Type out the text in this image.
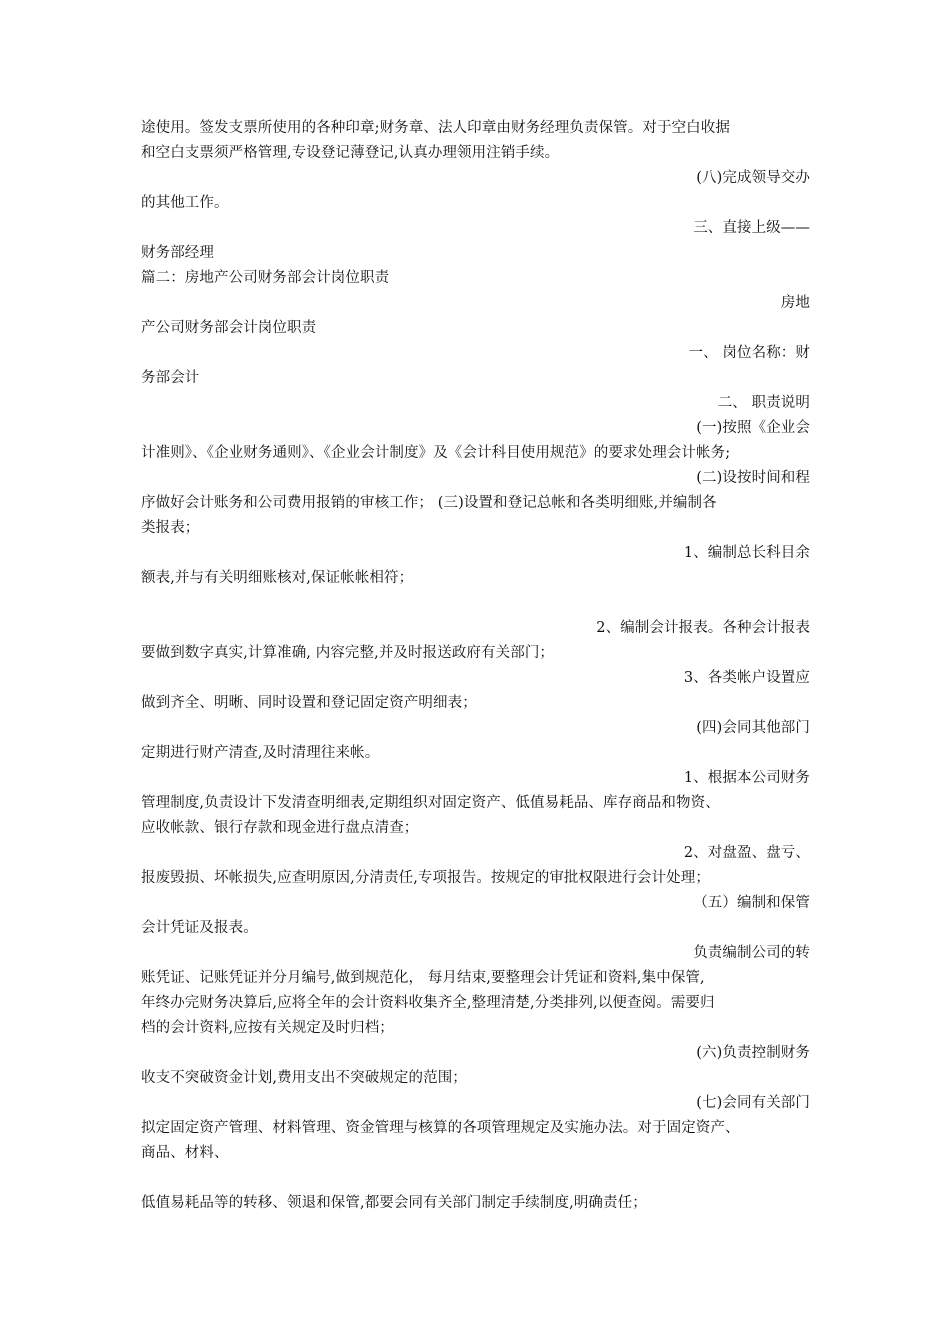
途使用。签发支票所使用的各种印章;财务章、法人印章由财务经理负责保管。对于空白收据
和空白支票须严格管理,专设登记薄登记,认真办理领用注销手续。
(八)完成领导交办
的其他工作。
三、直接上级——
财务部经理
篇二：房地产公司财务部会计岗位职责
房地
产公司财务部会计岗位职责
一、 岗位名称：财
务部会计
二、 职责说明
(一)按照《企业会
计准则》、《企业财务通则》、《企业会计制度》及《会计科目使用规范》的要求处理会计帐务;
(二)设按时间和程
序做好会计账务和公司费用报销的审核工作； (三)设置和登记总帐和各类明细账,并编制各
类报表；
1、编制总长科目余
额表,并与有关明细账核对,保证帐帐相符；
2、编制会计报表。各种会计报表
要做到数字真实,计算准确, 内容完整,并及时报送政府有关部门；
3、各类帐户设置应
做到齐全、明晰、同时设置和登记固定资产明细表；
(四)会同其他部门
定期进行财产清查,及时清理往来帐。
1、根据本公司财务
管理制度,负责设计下发清查明细表,定期组织对固定资产、低值易耗品、库存商品和物资、
应收帐款、银行存款和现金进行盘点清查；
2、对盘盈、盘亏、
报废毁损、坏帐损失,应查明原因,分清责任,专项报告。按规定的审批权限进行会计处理；
（五）编制和保管
会计凭证及报表。
负责编制公司的转
账凭证、记账凭证并分月编号,做到规范化， 每月结束,要整理会计凭证和资料,集中保管,
年终办完财务决算后,应将全年的会计资料收集齐全,整理清楚,分类排列,以便查阅。需要归
档的会计资料,应按有关规定及时归档；
(六)负责控制财务
收支不突破资金计划,费用支出不突破规定的范围；
(七)会同有关部门
拟定固定资产管理、材料管理、资金管理与核算的各项管理规定及实施办法。对于固定资产、
商品、材料、
低值易耗品等的转移、领退和保管,都要会同有关部门制定手续制度,明确责任；
